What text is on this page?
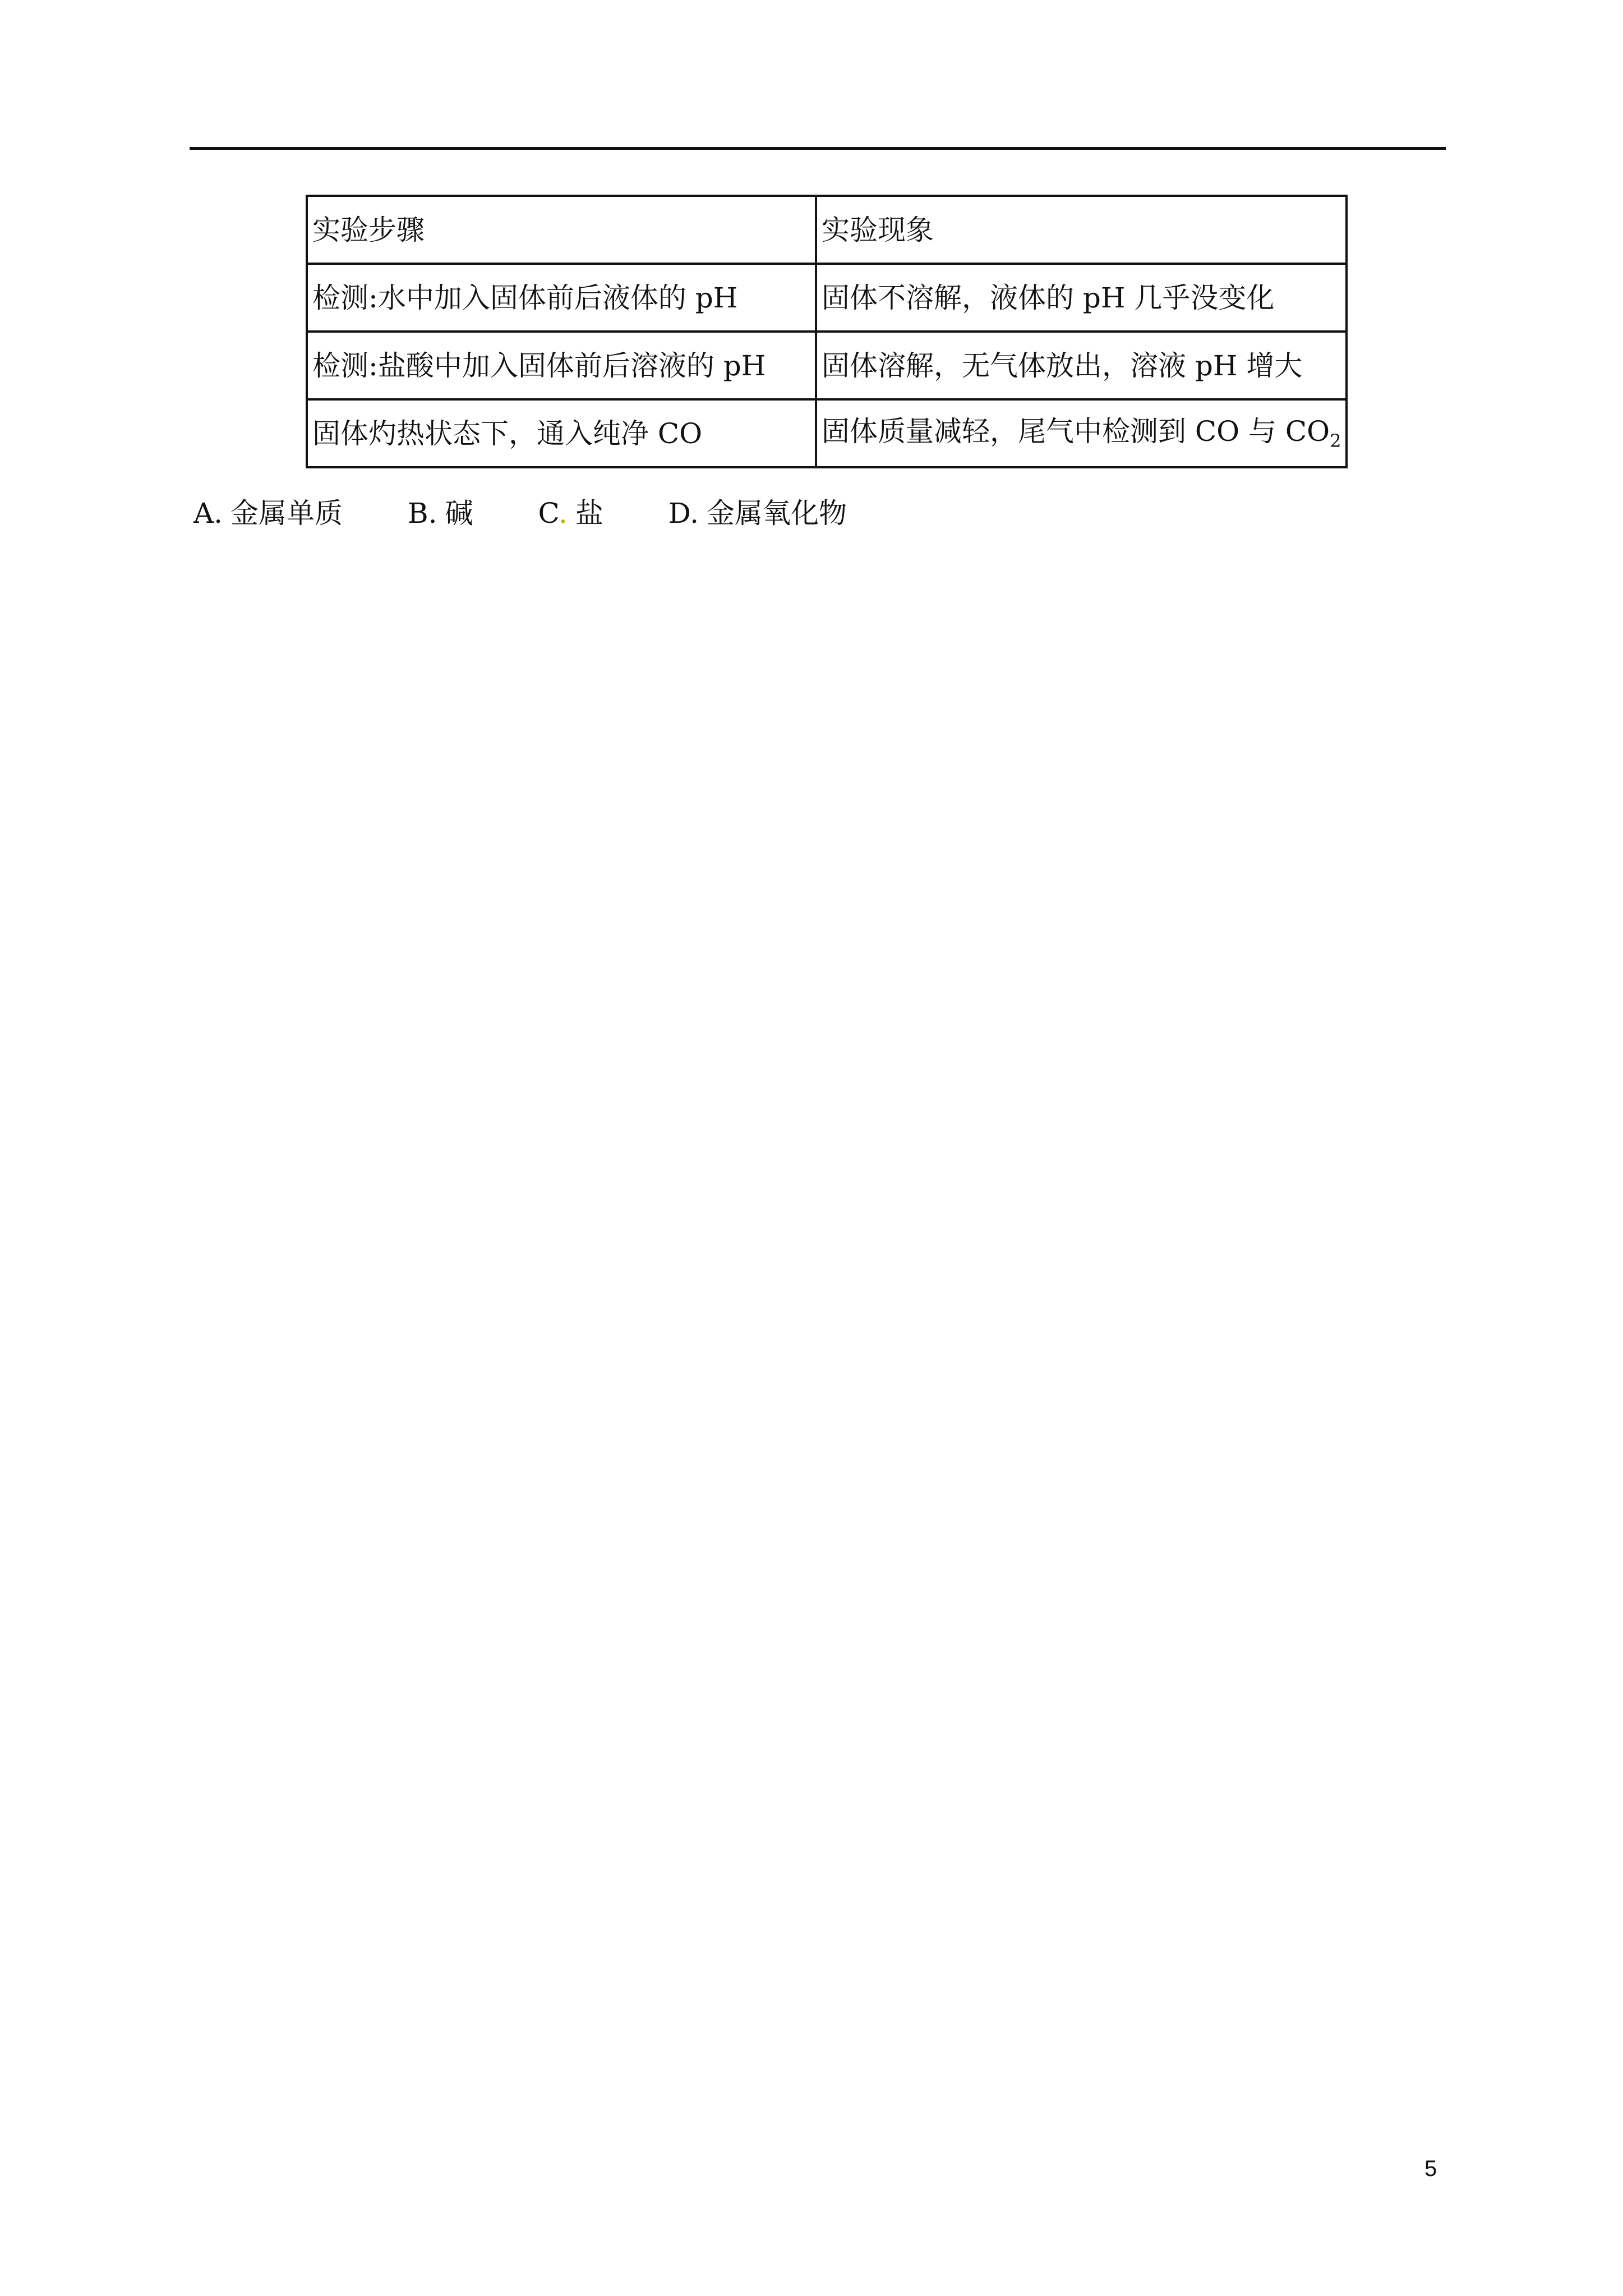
实验步骤	实验现象
检测:水中加入固体前后液体的 pH	固体不溶解，液体的 pH 几乎没变化
检测:盐酸中加入固体前后溶液的 pH	固体溶解，无气体放出，溶液 pH 增大
固体灼热状态下，通入纯净 CO	固体质量减轻，尾气中检测到 CO 与 $CO_2$
A. 金属单质 B. 碱 C. 盐 D. 金属氧化物
5
